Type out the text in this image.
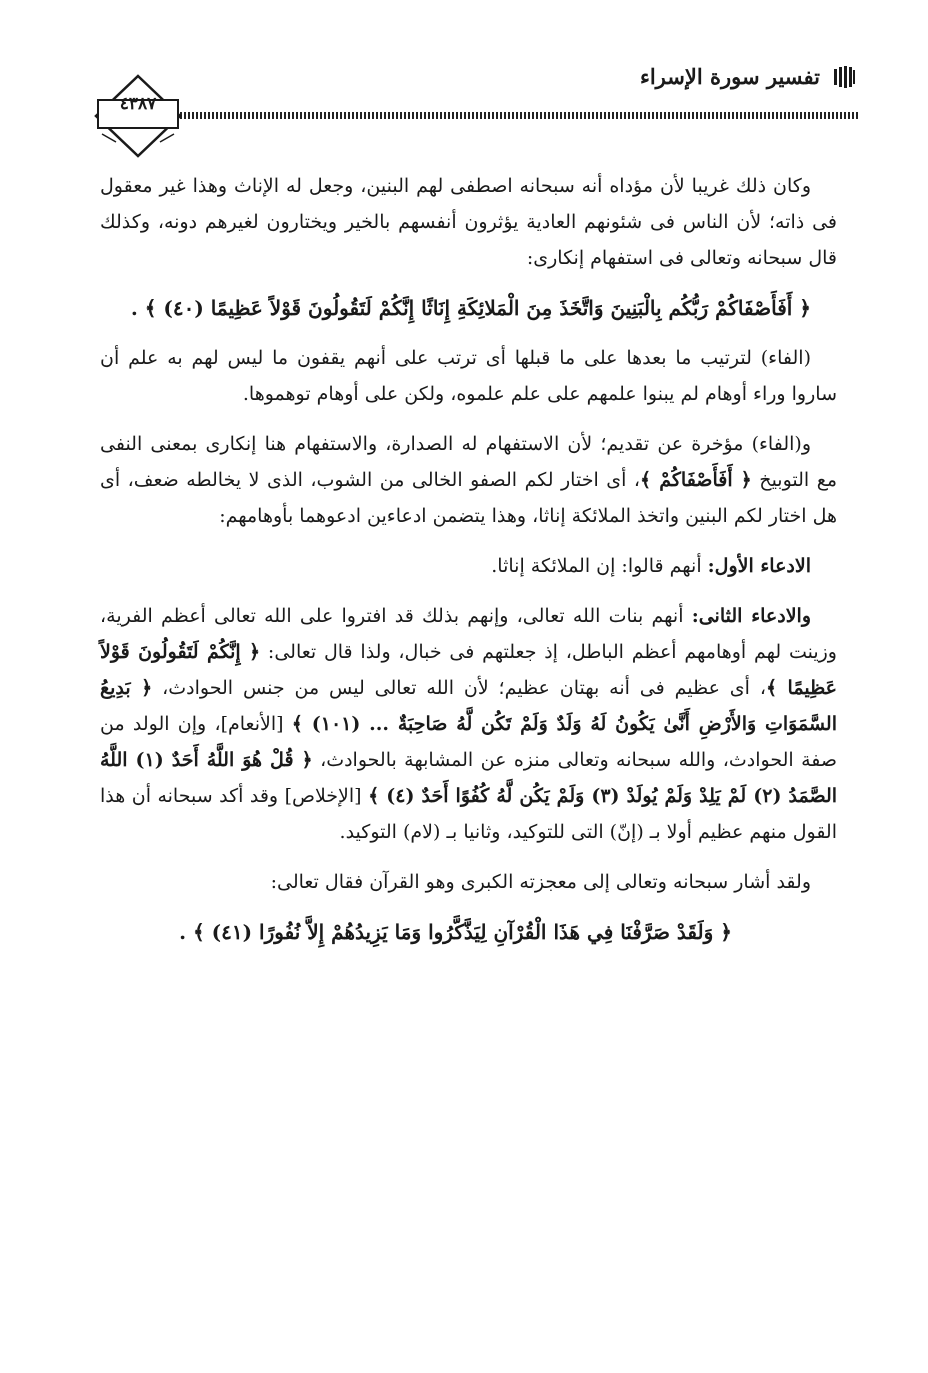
تفسير سورة الإسراء
٤٣٨٧

وكان ذلك غريبا لأن مؤداه أنه سبحانه اصطفى لهم البنين، وجعل له الإناث وهذا غير معقول فى ذاته؛ لأن الناس فى شئونهم العادية يؤثرون أنفسهم بالخير ويختارون لغيرهم دونه، وكذلك قال سبحانه وتعالى فى استفهام إنكارى:

﴿ أَفَأَصْفَاكُمْ رَبُّكُم بِالْبَنِينَ وَاتَّخَذَ مِنَ الْمَلائِكَةِ إِنَاثًا إِنَّكُمْ لَتَقُولُونَ قَوْلاً عَظِيمًا (٤٠) ﴾ .

(الفاء) لترتيب ما بعدها على ما قبلها أى ترتب على أنهم يقفون ما ليس لهم به علم أن ساروا وراء أوهام لم يبنوا علمهم على علم علموه، ولكن على أوهام توهموها.

و(الفاء) مؤخرة عن تقديم؛ لأن الاستفهام له الصدارة، والاستفهام هنا إنكارى بمعنى النفى مع التوبيخ ﴿ أَفَأَصْفَاكُمْ ﴾، أى اختار لكم الصفو الخالى من الشوب، الذى لا يخالطه ضعف، أى هل اختار لكم البنين واتخذ الملائكة إناثا، وهذا يتضمن ادعاءين ادعوهما بأوهامهم:

الادعاء الأول: أنهم قالوا: إن الملائكة إناثا.

والادعاء الثانى: أنهم بنات الله تعالى، وإنهم بذلك قد افتروا على الله تعالى أعظم الفرية، وزينت لهم أوهامهم أعظم الباطل، إذ جعلتهم فى خبال، ولذا قال تعالى: ﴿ إِنَّكُمْ لَتَقُولُونَ قَوْلاً عَظِيمًا ﴾، أى عظيم فى أنه بهتان عظيم؛ لأن الله تعالى ليس من جنس الحوادث، ﴿ بَدِيعُ السَّمَوَاتِ وَالأَرْضِ أَنَّىٰ يَكُونُ لَهُ وَلَدٌ وَلَمْ تَكُن لَّهُ صَاحِبَةٌ ... (١٠١) ﴾ [الأنعام]، وإن الولد من صفة الحوادث، والله سبحانه وتعالى منزه عن المشابهة بالحوادث، ﴿ قُلْ هُوَ اللَّهُ أَحَدٌ (١) اللَّهُ الصَّمَدُ (٢) لَمْ يَلِدْ وَلَمْ يُولَدْ (٣) وَلَمْ يَكُن لَّهُ كُفُوًا أَحَدٌ (٤) ﴾ [الإخلاص] وقد أكد سبحانه أن هذا القول منهم عظيم أولا بـ (إنّ) التى للتوكيد، وثانيا بـ (لام) التوكيد.

ولقد أشار سبحانه وتعالى إلى معجزته الكبرى وهو القرآن فقال تعالى:

﴿ وَلَقَدْ صَرَّفْنَا فِي هَذَا الْقُرْآنِ لِيَذَّكَّرُوا وَمَا يَزِيدُهُمْ إِلاَّ نُفُورًا (٤١) ﴾ .
